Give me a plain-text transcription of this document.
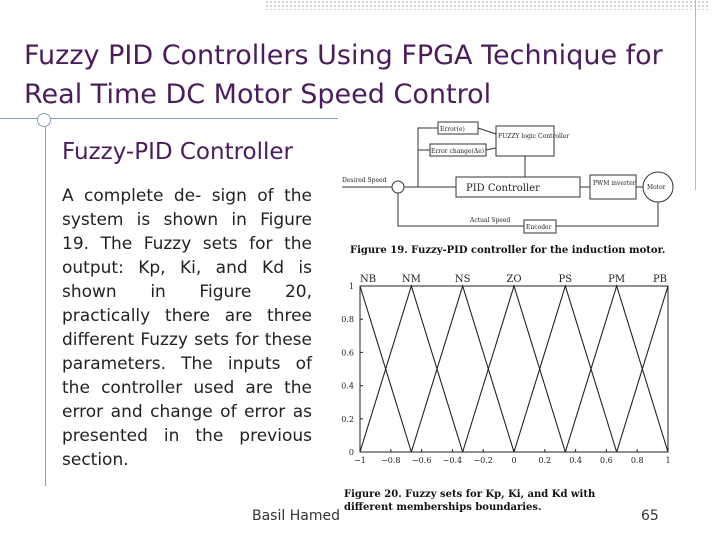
Fuzzy PID Controllers Using FPGA Technique for Real Time DC Motor Speed Control
Fuzzy-PID Controller
A complete de- sign of the system is shown in Figure 19. The Fuzzy sets for the output: Kp, Ki, and Kd is shown in Figure 20, practically there are three different Fuzzy sets for these parameters. The inputs of the controller used are the error and change of error as presented in the previous section.
Error(e)
Error change(Δe)
FUZZY logic Controller
PID Controller	PWM inverter
Motor
Encoder
Desired Speed
Actual Speed
Figure 19. Fuzzy-PID controller for the induction motor.
0
0.2
0.4
0.6
0.8
1
−1 −0.8 −0.6 −0.4 −0.2 0	0.2 0.4 0.6 0.8	1
NB	NM	NS	ZO	PS	PM	PB
Figure 20. Fuzzy sets for Kp, Ki, and Kd with
different memberships boundaries.
Basil Hamed	65
